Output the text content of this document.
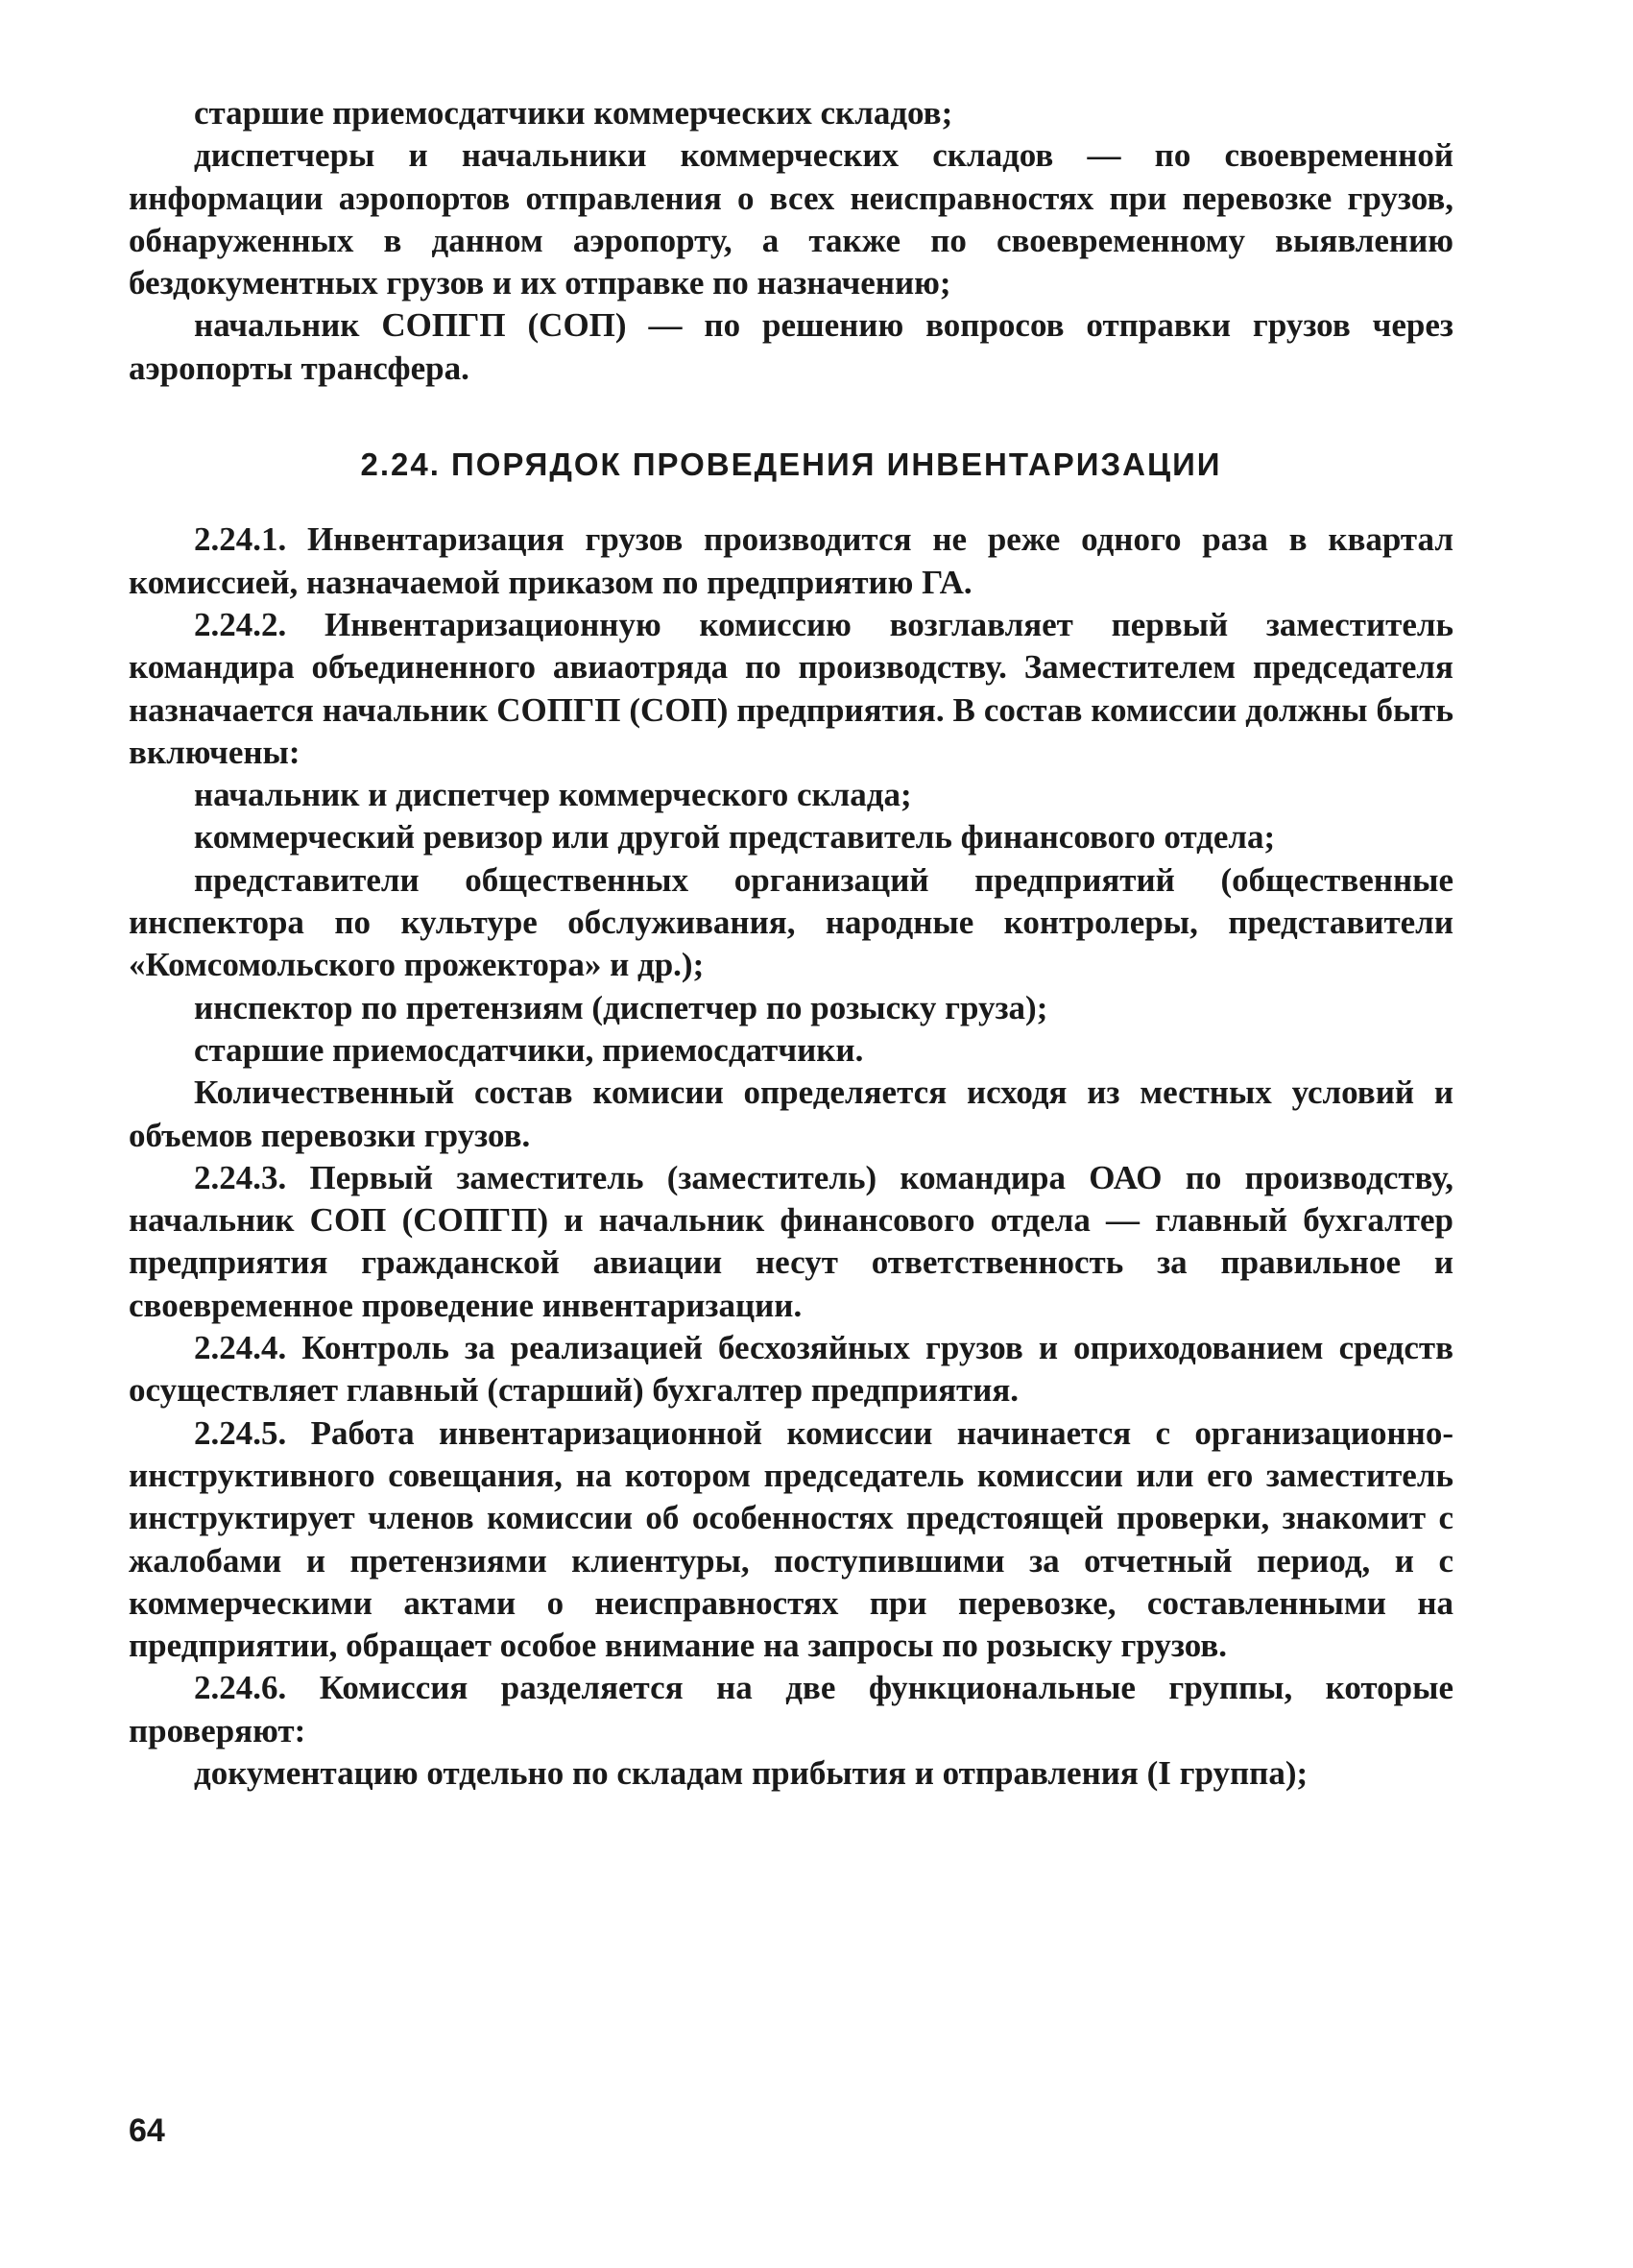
старшие приемосдатчики коммерческих складов;

диспетчеры и начальники коммерческих складов — по своевременной информации аэропортов отправления о всех неисправностях при перевозке грузов, обнаруженных в данном аэропорту, а также по своевременному выявлению бездокументных грузов и их отправке по назначению;

начальник СОПГП (СОП) — по решению вопросов отправки грузов через аэропорты трансфера.

2.24. ПОРЯДОК ПРОВЕДЕНИЯ ИНВЕНТАРИЗАЦИИ

2.24.1. Инвентаризация грузов производится не реже одного раза в квартал комиссией, назначаемой приказом по предприятию ГА.

2.24.2. Инвентаризационную комиссию возглавляет первый заместитель командира объединенного авиаотряда по производству. Заместителем председателя назначается начальник СОПГП (СОП) предприятия. В состав комиссии должны быть включены:

начальник и диспетчер коммерческого склада;

коммерческий ревизор или другой представитель финансового отдела;

представители общественных организаций предприятий (общественные инспектора по культуре обслуживания, народные контролеры, представители «Комсомольского прожектора» и др.);

инспектор по претензиям (диспетчер по розыску груза);

старшие приемосдатчики, приемосдатчики.

Количественный состав комисии определяется исходя из местных условий и объемов перевозки грузов.

2.24.3. Первый заместитель (заместитель) командира ОАО по производству, начальник СОП (СОПГП) и начальник финансового отдела — главный бухгалтер предприятия гражданской авиации несут ответственность за правильное и своевременное проведение инвентаризации.

2.24.4. Контроль за реализацией бесхозяйных грузов и оприходованием средств осуществляет главный (старший) бухгалтер предприятия.

2.24.5. Работа инвентаризационной комиссии начинается с организационно-инструктивного совещания, на котором председатель комиссии или его заместитель инструктирует членов комиссии об особенностях предстоящей проверки, знакомит с жалобами и претензиями клиентуры, поступившими за отчетный период, и с коммерческими актами о неисправностях при перевозке, составленными на предприятии, обращает особое внимание на запросы по розыску грузов.

2.24.6. Комиссия разделяется на две функциональные группы, которые проверяют:

документацию отдельно по складам прибытия и отправления (I группа);

64
